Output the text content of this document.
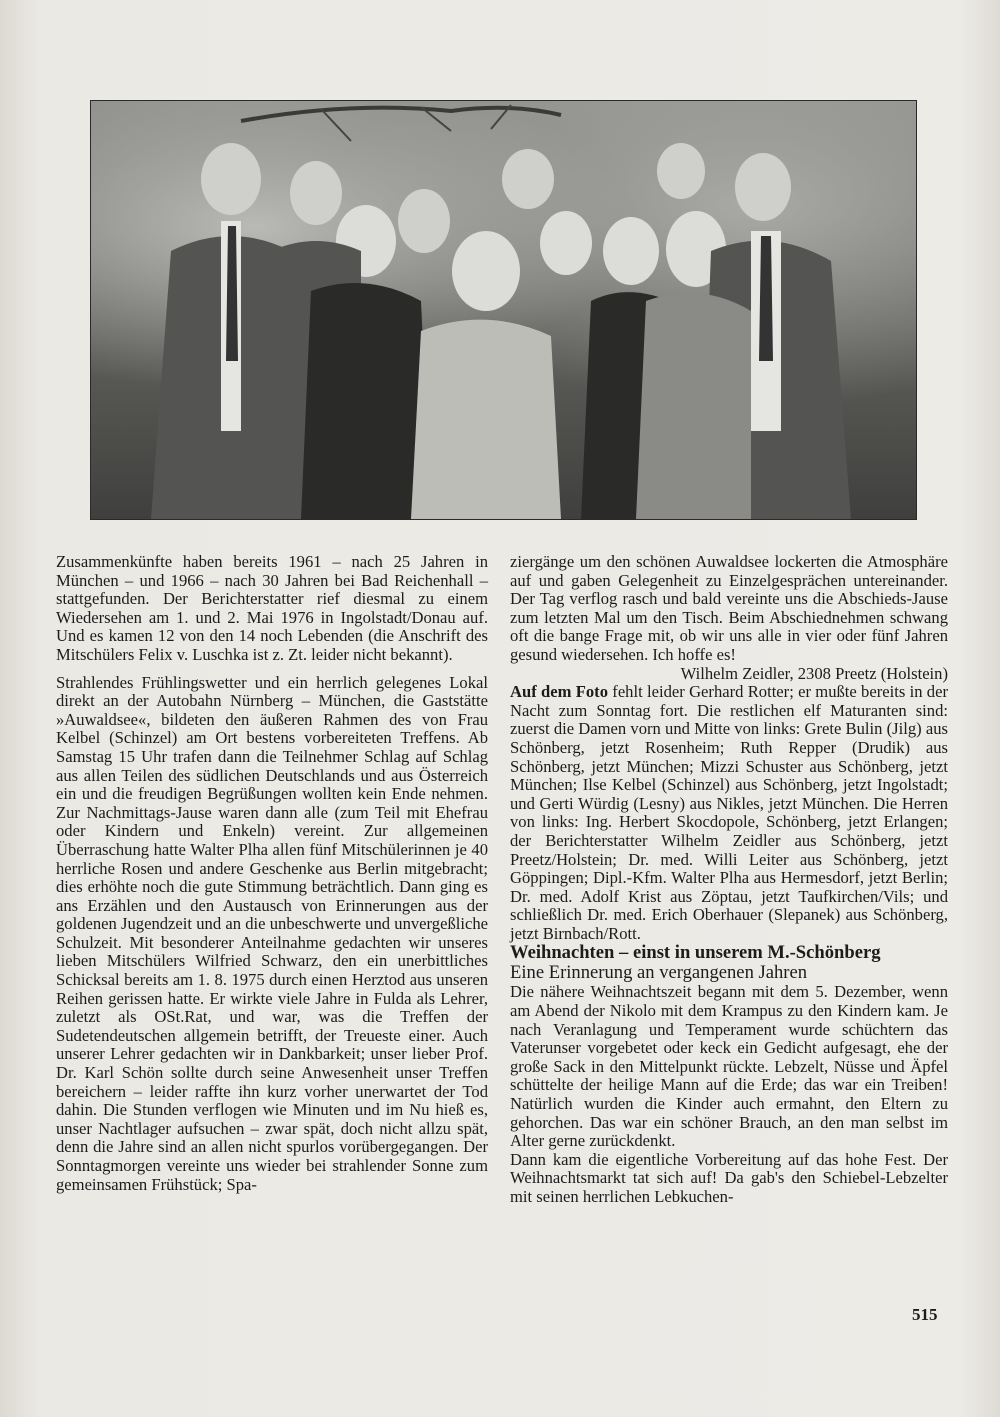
Zusammenkünfte haben bereits 1961 – nach 25 Jahren in München – und 1966 – nach 30 Jahren bei Bad Reichenhall – stattgefunden. Der Berichterstatter rief diesmal zu einem Wiedersehen am 1. und 2. Mai 1976 in Ingolstadt/Donau auf. Und es kamen 12 von den 14 noch Lebenden (die Anschrift des Mitschülers Felix v. Luschka ist z. Zt. leider nicht bekannt).

Strahlendes Frühlingswetter und ein herrlich gelegenes Lokal direkt an der Autobahn Nürnberg – München, die Gaststätte »Auwaldsee«, bildeten den äußeren Rahmen des von Frau Kelbel (Schinzel) am Ort bestens vorbereiteten Treffens. Ab Samstag 15 Uhr trafen dann die Teilnehmer Schlag auf Schlag aus allen Teilen des südlichen Deutschlands und aus Österreich ein und die freudigen Begrüßungen wollten kein Ende nehmen. Zur Nachmittags-Jause waren dann alle (zum Teil mit Ehefrau oder Kindern und Enkeln) vereint. Zur allgemeinen Überraschung hatte Walter Plha allen fünf Mitschülerinnen je 40 herrliche Rosen und andere Geschenke aus Berlin mitgebracht; dies erhöhte noch die gute Stimmung beträchtlich. Dann ging es ans Erzählen und den Austausch von Erinnerungen aus der goldenen Jugendzeit und an die unbeschwerte und unvergeßliche Schulzeit. Mit besonderer Anteilnahme gedachten wir unseres lieben Mitschülers Wilfried Schwarz, den ein unerbittliches Schicksal bereits am 1. 8. 1975 durch einen Herztod aus unseren Reihen gerissen hatte. Er wirkte viele Jahre in Fulda als Lehrer, zuletzt als OSt.Rat, und war, was die Treffen der Sudetendeutschen allgemein betrifft, der Treueste einer. Auch unserer Lehrer gedachten wir in Dankbarkeit; unser lieber Prof. Dr. Karl Schön sollte durch seine Anwesenheit unser Treffen bereichern – leider raffte ihn kurz vorher unerwartet der Tod dahin. Die Stunden verflogen wie Minuten und im Nu hieß es, unser Nachtlager aufsuchen – zwar spät, doch nicht allzu spät, denn die Jahre sind an allen nicht spurlos vorübergegangen. Der Sonntagmorgen vereinte uns wieder bei strahlender Sonne zum gemeinsamen Frühstück; Spa-

ziergänge um den schönen Auwaldsee lockerten die Atmosphäre auf und gaben Gelegenheit zu Einzelgesprächen untereinander. Der Tag verflog rasch und bald vereinte uns die Abschieds-Jause zum letzten Mal um den Tisch. Beim Abschiednehmen schwang oft die bange Frage mit, ob wir uns alle in vier oder fünf Jahren gesund wiedersehen. Ich hoffe es!

Wilhelm Zeidler, 2308 Preetz (Holstein)

Auf dem Foto fehlt leider Gerhard Rotter; er mußte bereits in der Nacht zum Sonntag fort. Die restlichen elf Maturanten sind: zuerst die Damen vorn und Mitte von links: Grete Bulin (Jilg) aus Schönberg, jetzt Rosenheim; Ruth Repper (Drudik) aus Schönberg, jetzt München; Mizzi Schuster aus Schönberg, jetzt München; Ilse Kelbel (Schinzel) aus Schönberg, jetzt Ingolstadt; und Gerti Würdig (Lesny) aus Nikles, jetzt München. Die Herren von links: Ing. Herbert Skocdopole, Schönberg, jetzt Erlangen; der Berichterstatter Wilhelm Zeidler aus Schönberg, jetzt Preetz/Holstein; Dr. med. Willi Leiter aus Schönberg, jetzt Göppingen; Dipl.-Kfm. Walter Plha aus Hermesdorf, jetzt Berlin; Dr. med. Adolf Krist aus Zöptau, jetzt Taufkirchen/Vils; und schließlich Dr. med. Erich Oberhauer (Slepanek) aus Schönberg, jetzt Birnbach/Rott.

Weihnachten – einst in unserem M.-Schönberg

Eine Erinnerung an vergangenen Jahren

Die nähere Weihnachtszeit begann mit dem 5. Dezember, wenn am Abend der Nikolo mit dem Krampus zu den Kindern kam. Je nach Veranlagung und Temperament wurde schüchtern das Vaterunser vorgebetet oder keck ein Gedicht aufgesagt, ehe der große Sack in den Mittelpunkt rückte. Lebzelt, Nüsse und Äpfel schüttelte der heilige Mann auf die Erde; das war ein Treiben! Natürlich wurden die Kinder auch ermahnt, den Eltern zu gehorchen. Das war ein schöner Brauch, an den man selbst im Alter gerne zurückdenkt.

Dann kam die eigentliche Vorbereitung auf das hohe Fest. Der Weihnachtsmarkt tat sich auf! Da gab's den Schiebel-Lebzelter mit seinen herrlichen Lebkuchen-

515
